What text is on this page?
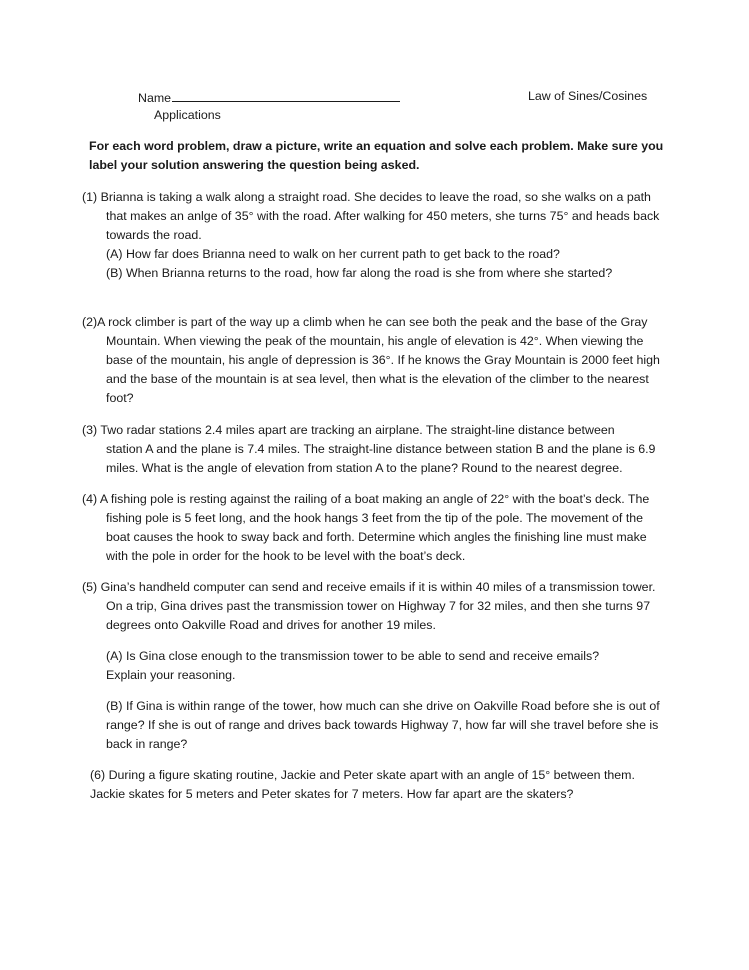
Name	Law of Sines/Cosines
Applications
For each word problem, draw a picture, write an equation and solve each problem. Make sure you
label your solution answering the question being asked.
(1) Brianna is taking a walk along a straight road. She decides to leave the road, so she walks on a path
that makes an anlge of 35° with the road. After walking for 450 meters, she turns 75° and heads back
towards the road.
(A) How far does Brianna need to walk on her current path to get back to the road?
(B) When Brianna returns to the road, how far along the road is she from where she started?
(2)A rock climber is part of the way up a climb when he can see both the peak and the base of the Gray
Mountain. When viewing the peak of the mountain, his angle of elevation is 42°. When viewing the
base of the mountain, his angle of depression is 36°. If he knows the Gray Mountain is 2000 feet high
and the base of the mountain is at sea level, then what is the elevation of the climber to the nearest
foot?
(3) Two radar stations 2.4 miles apart are tracking an airplane. The straight-line distance between
station A and the plane is 7.4 miles. The straight-line distance between station B and the plane is 6.9
miles. What is the angle of elevation from station A to the plane? Round to the nearest degree.
(4) A fishing pole is resting against the railing of a boat making an angle of 22° with the boat’s deck. The
fishing pole is 5 feet long, and the hook hangs 3 feet from the tip of the pole. The movement of the
boat causes the hook to sway back and forth. Determine which angles the finishing line must make
with the pole in order for the hook to be level with the boat’s deck.
(5) Gina’s handheld computer can send and receive emails if it is within 40 miles of a transmission tower.
On a trip, Gina drives past the transmission tower on Highway 7 for 32 miles, and then she turns 97
degrees onto Oakville Road and drives for another 19 miles.
(A) Is Gina close enough to the transmission tower to be able to send and receive emails?
Explain your reasoning.
(B) If Gina is within range of the tower, how much can she drive on Oakville Road before she is out of
range? If she is out of range and drives back towards Highway 7, how far will she travel before she is
back in range?
(6) During a figure skating routine, Jackie and Peter skate apart with an angle of 15° between them.
Jackie skates for 5 meters and Peter skates for 7 meters. How far apart are the skaters?
